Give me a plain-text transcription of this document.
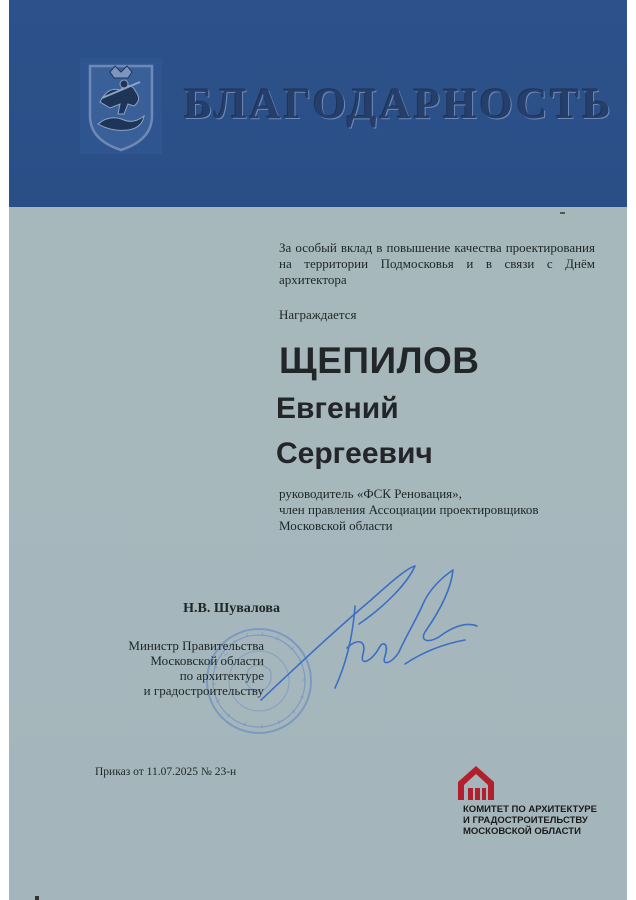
БЛАГОДАРНОСТЬ
За особый вклад в повышение качества проектирования на территории Подмосковья и в связи с Днём архитектора
Награждается
ЩЕПИЛОВ
Евгений
Сергеевич
руководитель «ФСК Реновация»,
член правления Ассоциации проектировщиков
Московской области
Н.В. Шувалова
Министр Правительства
Московской области
по архитектуре
и градостроительству
Приказ от 11.07.2025 № 23-н
КОМИТЕТ ПО АРХИТЕКТУРЕ
И ГРАДОСТРОИТЕЛЬСТВУ
МОСКОВСКОЙ ОБЛАСТИ
